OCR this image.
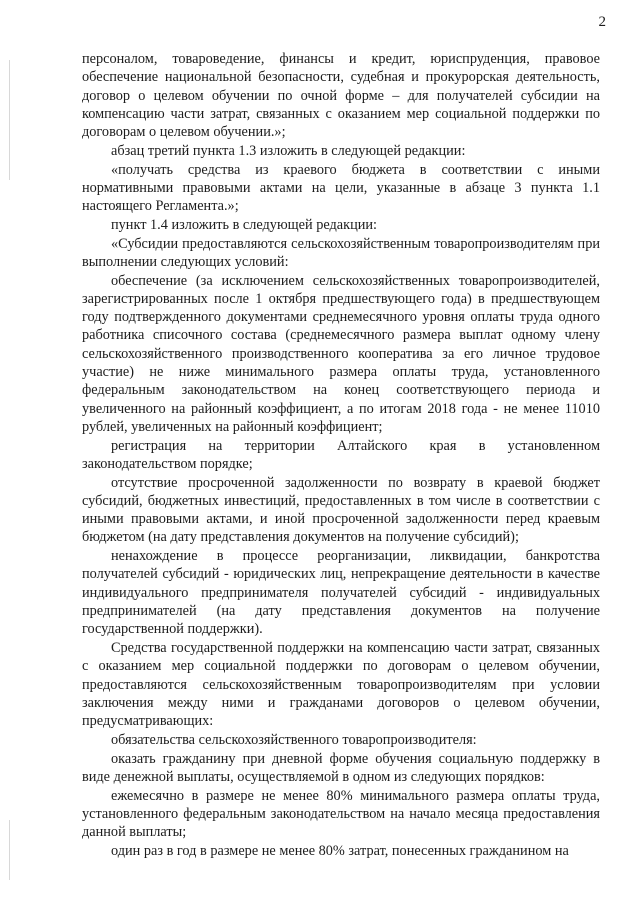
2

персоналом, товароведение, финансы и кредит, юриспруденция, правовое обеспечение национальной безопасности, судебная и прокурорская деятельность, договор о целевом обучении по очной форме – для получателей субсидии на компенсацию части затрат, связанных с оказанием мер социальной поддержки по договорам о целевом обучении.»;

абзац третий пункта 1.3 изложить в следующей редакции:

«получать средства из краевого бюджета в соответствии с иными нормативными правовыми актами на цели, указанные в абзаце 3 пункта 1.1 настоящего Регламента.»;

пункт 1.4 изложить в следующей редакции:

«Субсидии предоставляются сельскохозяйственным товаропроизводителям при выполнении следующих условий:

обеспечение (за исключением сельскохозяйственных товаропроизводителей, зарегистрированных после 1 октября предшествующего года) в предшествующем году подтвержденного документами среднемесячного уровня оплаты труда одного работника списочного состава (среднемесячного размера выплат одному члену сельскохозяйственного производственного кооператива за его личное трудовое участие) не ниже минимального размера оплаты труда, установленного федеральным законодательством на конец соответствующего периода и увеличенного на районный коэффициент, а по итогам 2018 года - не менее 11010 рублей, увеличенных на районный коэффициент;

регистрация на территории Алтайского края в установленном законодательством порядке;

отсутствие просроченной задолженности по возврату в краевой бюджет субсидий, бюджетных инвестиций, предоставленных в том числе в соответствии с иными правовыми актами, и иной просроченной задолженности перед краевым бюджетом (на дату представления документов на получение субсидий);

ненахождение в процессе реорганизации, ликвидации, банкротства получателей субсидий - юридических лиц, непрекращение деятельности в качестве индивидуального предпринимателя получателей субсидий - индивидуальных предпринимателей (на дату представления документов на получение государственной поддержки).

Средства государственной поддержки на компенсацию части затрат, связанных с оказанием мер социальной поддержки по договорам о целевом обучении, предоставляются сельскохозяйственным товаропроизводителям при условии заключения между ними и гражданами договоров о целевом обучении, предусматривающих:

обязательства сельскохозяйственного товаропроизводителя:

оказать гражданину при дневной форме обучения социальную поддержку в виде денежной выплаты, осуществляемой в одном из следующих порядков:

ежемесячно в размере не менее 80% минимального размера оплаты труда, установленного федеральным законодательством на начало месяца предоставления данной выплаты;

один раз в год в размере не менее 80% затрат, понесенных гражданином на
